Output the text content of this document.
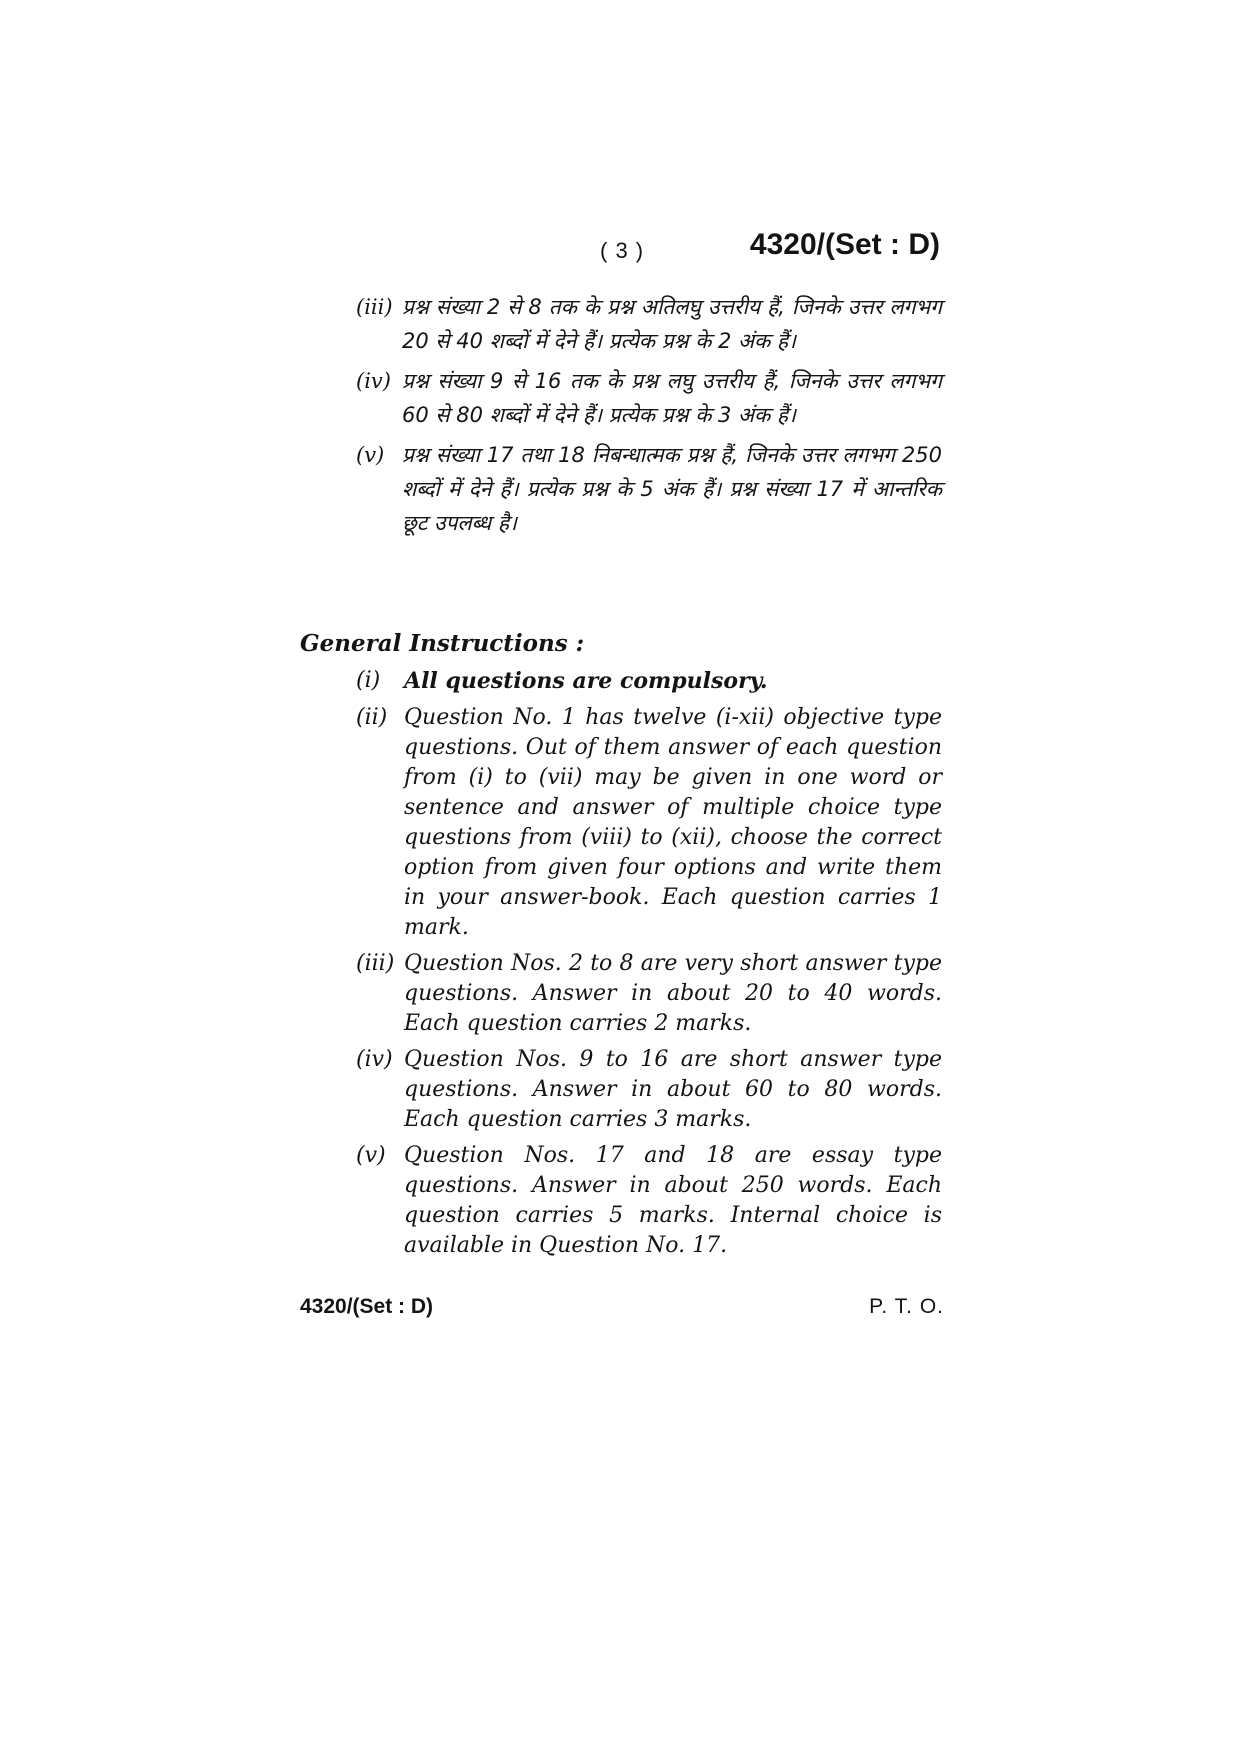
( 3 )	4320/(Set : D)
(iii) प्रश्न संख्या 2 से 8 तक के प्रश्न अतिलघु उत्तरीय हैं, जिनके उत्तर लगभग 20 से 40 शब्दों में देने हैं। प्रत्येक प्रश्न के 2 अंक हैं।
(iv) प्रश्न संख्या 9 से 16 तक के प्रश्न लघु उत्तरीय हैं, जिनके उत्तर लगभग 60 से 80 शब्दों में देने हैं। प्रत्येक प्रश्न के 3 अंक हैं।
(v) प्रश्न संख्या 17 तथा 18 निबन्धात्मक प्रश्न हैं, जिनके उत्तर लगभग 250 शब्दों में देने हैं। प्रत्येक प्रश्न के 5 अंक हैं। प्रश्न संख्या 17 में आन्तरिक छूट उपलब्ध है।
General Instructions :
(i) All questions are compulsory.
(ii) Question No. 1 has twelve (i-xii) objective type questions. Out of them answer of each question from (i) to (vii) may be given in one word or sentence and answer of multiple choice type questions from (viii) to (xii), choose the correct option from given four options and write them in your answer-book. Each question carries 1 mark.
(iii) Question Nos. 2 to 8 are very short answer type questions. Answer in about 20 to 40 words. Each question carries 2 marks.
(iv) Question Nos. 9 to 16 are short answer type questions. Answer in about 60 to 80 words. Each question carries 3 marks.
(v) Question Nos. 17 and 18 are essay type questions. Answer in about 250 words. Each question carries 5 marks. Internal choice is available in Question No. 17.
4320/(Set : D)	P. T. O.
